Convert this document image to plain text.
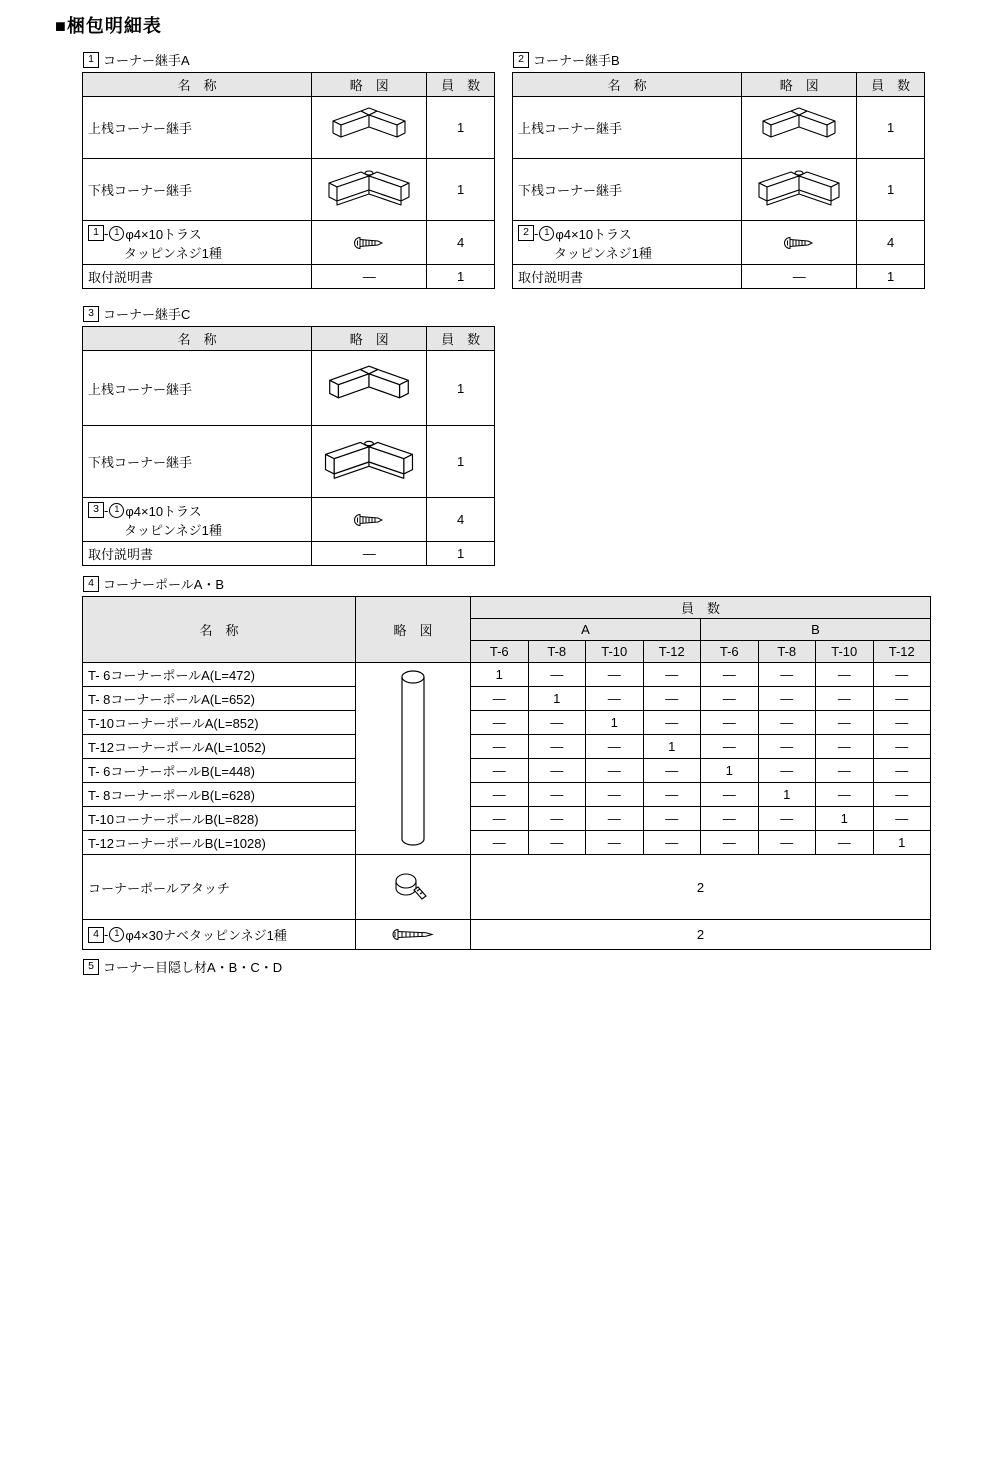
■梱包明細表
1 コーナー継手A
名　称	略　図	員　数
上桟コーナー継手		1
下桟コーナー継手		1

1 - 1 φ4×10トラス
タッピンネジ1種		4
取付説明書	—	1
2 コーナー継手B
名　称	略　図	員　数
上桟コーナー継手		1
下桟コーナー継手		1

2 - 1 φ4×10トラス
タッピンネジ1種		4
取付説明書	—	1
3 コーナー継手C
名　称	略　図	員　数
上桟コーナー継手		1
下桟コーナー継手		1

3 - 1 φ4×10トラス
タッピンネジ1種		4
取付説明書	—	1
4 コーナーポールA・B
名　称	略　図	員　数							
		A				B			
		T-6	T-8	T-10	T-12	T-6	T-8	T-10	T-12
T- 6コーナーポールA(L=472)		1	—	—	—	—	—	—	—
T- 8コーナーポールA(L=652)		—	1	—	—	—	—	—	—
T-10コーナーポールA(L=852)		—	—	1	—	—	—	—	—
T-12コーナーポールA(L=1052)		—	—	—	1	—	—	—	—
T- 6コーナーポールB(L=448)		—	—	—	—	1	—	—	—
T- 8コーナーポールB(L=628)		—	—	—	—	—	1	—	—
T-10コーナーポールB(L=828)		—	—	—	—	—	—	1	—
T-12コーナーポールB(L=1028)		—	—	—	—	—	—	—	1
コーナーポールアタッチ		2							

4 - 1 φ4×30ナベタッピンネジ1種		2							
5 コーナー目隠し材A・B・C・D
